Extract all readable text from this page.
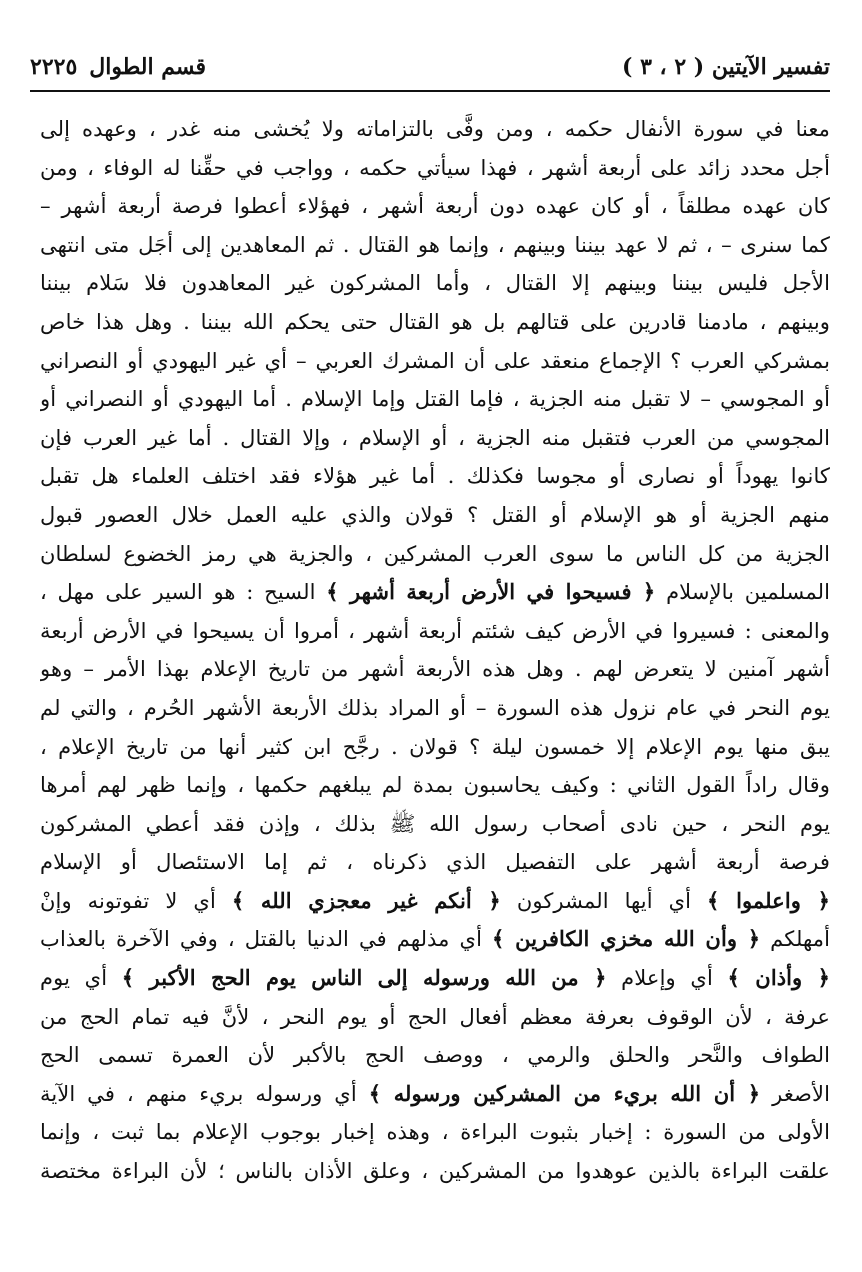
تفسير الآيتين ( ٢ ، ٣ )
قسم الطوال
٢٢٢٥
معنا في سورة الأنفال حكمه ، ومن وفَّى بالتزاماته ولا يُخشى منه غدر ، وعهده إلى
أجل محدد زائد على أربعة أشهر ، فهذا سيأتي حكمه ، وواجب في حقِّنا له الوفاء ، ومن
كان عهده مطلقاً ، أو كان عهده دون أربعة أشهر ، فهؤلاء أعطوا فرصة أربعة أشهر –
كما سنرى – ، ثم لا عهد بيننا وبينهم ، وإنما هو القتال . ثم المعاهدين إلى أجَل متى انتهى
الأجل فليس بيننا وبينهم إلا القتال ، وأما المشركون غير المعاهدون فلا سَلام بيننا
وبينهم ، مادمنا قادرين على قتالهم بل هو القتال حتى يحكم الله بيننا . وهل هذا خاص
بمشركي العرب ؟ الإجماع منعقد على أن المشرك العربي – أي غير اليهودي أو النصراني
أو المجوسي – لا تقبل منه الجزية ، فإما القتل وإما الإسلام . أما اليهودي أو النصراني أو
المجوسي من العرب فتقبل منه الجزية ، أو الإسلام ، وإلا القتال . أما غير العرب فإن
كانوا يهوداً أو نصارى أو مجوسا فكذلك . أما غير هؤلاء فقد اختلف العلماء هل تقبل
منهم الجزية أو هو الإسلام أو القتل ؟ قولان والذي عليه العمل خلال العصور قبول
الجزية من كل الناس ما سوى العرب المشركين ، والجزية هي رمز الخضوع لسلطان
المسلمين بالإسلام ﴿ فسيحوا في الأرض أربعة أشهر ﴾ السيح : هو السير على مهل ،
والمعنى : فسيروا في الأرض كيف شئتم أربعة أشهر ، أمروا أن يسيحوا في الأرض أربعة
أشهر آمنين لا يتعرض لهم . وهل هذه الأربعة أشهر من تاريخ الإعلام بهذا الأمر – وهو
يوم النحر في عام نزول هذه السورة – أو المراد بذلك الأربعة الأشهر الحُرم ، والتي لم
يبق منها يوم الإعلام إلا خمسون ليلة ؟ قولان . رجَّح ابن كثير أنها من تاريخ الإعلام ،
وقال راداً القول الثاني : وكيف يحاسبون بمدة لم يبلغهم حكمها ، وإنما ظهر لهم أمرها
يوم النحر ، حين نادى أصحاب رسول الله ﷺ بذلك ، وإذن فقد أعطي المشركون
فرصة أربعة أشهر على التفصيل الذي ذكرناه ، ثم إما الاستئصال أو الإسلام
﴿ واعلموا ﴾ أي أيها المشركون ﴿ أنكم غير معجزي الله ﴾ أي لا تفوتونه وإنْ
أمهلكم ﴿ وأن الله مخزي الكافرين ﴾ أي مذلهم في الدنيا بالقتل ، وفي الآخرة بالعذاب
﴿ وأذان ﴾ أي وإعلام ﴿ من الله ورسوله إلى الناس يوم الحج الأكبر ﴾ أي يوم
عرفة ، لأن الوقوف بعرفة معظم أفعال الحج أو يوم النحر ، لأنَّ فيه تمام الحج من
الطواف والنَّحر والحلق والرمي ، ووصف الحج بالأكبر لأن العمرة تسمى الحج
الأصغر ﴿ أن الله بريء من المشركين ورسوله ﴾ أي ورسوله بريء منهم ، في الآية
الأولى من السورة : إخبار بثبوت البراءة ، وهذه إخبار بوجوب الإعلام بما ثبت ، وإنما
علقت البراءة بالذين عوهدوا من المشركين ، وعلق الأذان بالناس ؛ لأن البراءة مختصة
